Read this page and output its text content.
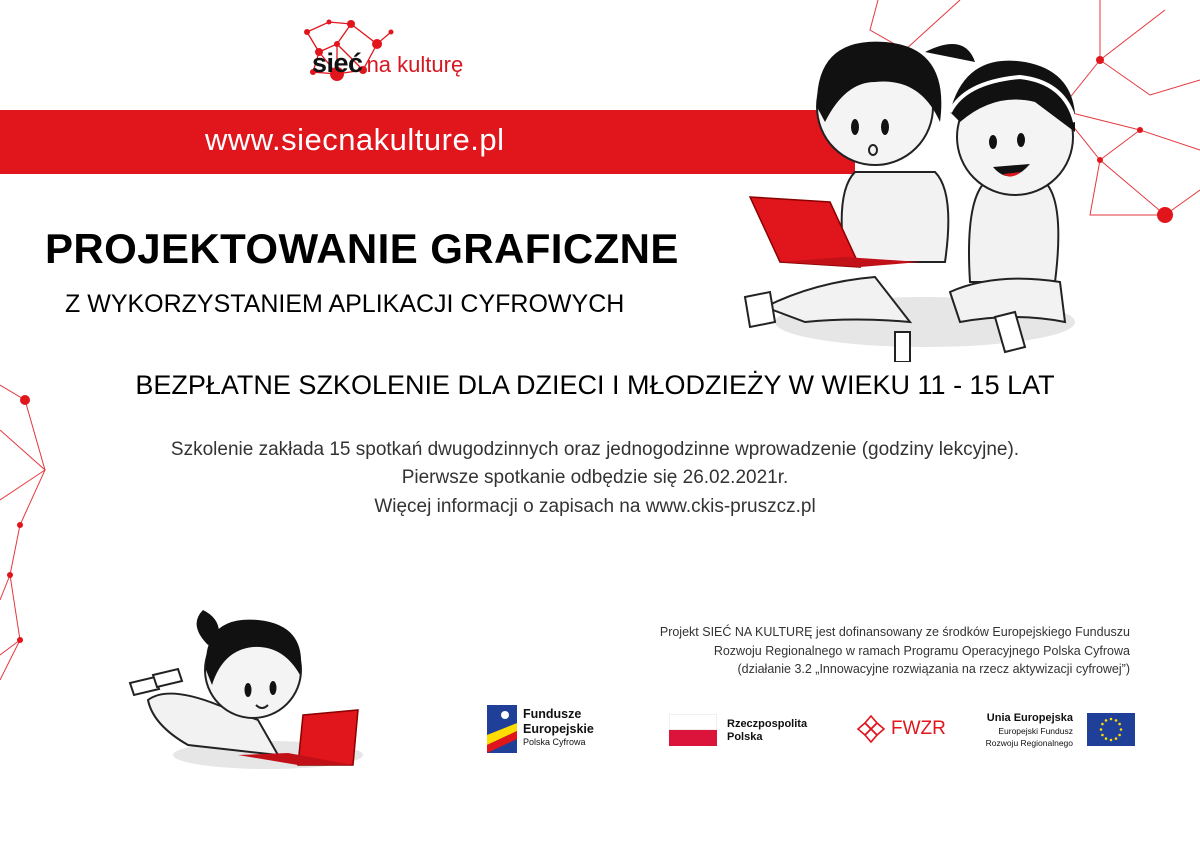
sieć na kulturę
www.siecnakulture.pl
PROJEKTOWANIE GRAFICZNE
Z WYKORZYSTANIEM APLIKACJI CYFROWYCH
BEZPŁATNE SZKOLENIE DLA DZIECI I MŁODZIEŻY W WIEKU 11 - 15 LAT
Szkolenie zakłada 15 spotkań dwugodzinnych oraz jednogodzinne wprowadzenie (godziny lekcyjne).
Pierwsze spotkanie odbędzie się 26.02.2021r.
Więcej informacji o zapisach na www.ckis-pruszcz.pl
Projekt SIEĆ NA KULTURĘ jest dofinansowany ze środków Europejskiego Funduszu
Rozwoju Regionalnego w ramach Programu Operacyjnego Polska Cyfrowa
(działanie 3.2 „Innowacyjne rozwiązania na rzecz aktywizacji cyfrowej”)
Fundusze
Europejskie
Polska Cyfrowa
Rzeczpospolita
Polska	FWZR	Unia Europejska
Europejski Fundusz
Rozwoju Regionalnego
